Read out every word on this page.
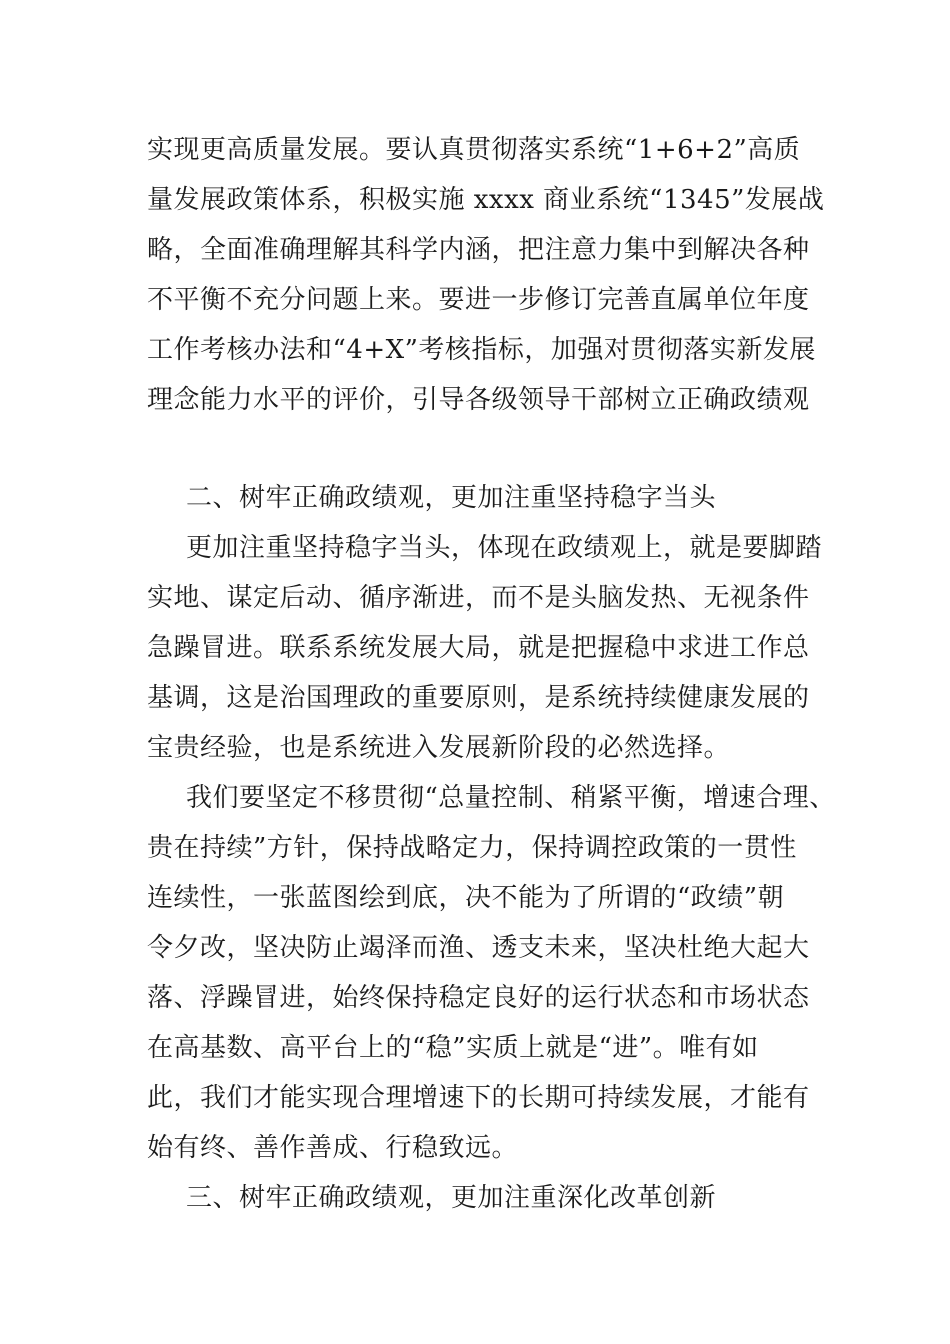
实现更高质量发展。要认真贯彻落实系统“1+6+2”高质
量发展政策体系，积极实施 xxxx 商业系统“1345”发展战
略，全面准确理解其科学内涵，把注意力集中到解决各种
不平衡不充分问题上来。要进一步修订完善直属单位年度
工作考核办法和“4+X”考核指标，加强对贯彻落实新发展
理念能力水平的评价，引导各级领导干部树立正确政绩观
二、树牢正确政绩观，更加注重坚持稳字当头
更加注重坚持稳字当头，体现在政绩观上，就是要脚踏
实地、谋定后动、循序渐进，而不是头脑发热、无视条件
急躁冒进。联系系统发展大局，就是把握稳中求进工作总
基调，这是治国理政的重要原则，是系统持续健康发展的
宝贵经验，也是系统进入发展新阶段的必然选择。
我们要坚定不移贯彻“总量控制、稍紧平衡，增速合理、
贵在持续”方针，保持战略定力，保持调控政策的一贯性
连续性，一张蓝图绘到底，决不能为了所谓的“政绩”朝
令夕改，坚决防止竭泽而渔、透支未来，坚决杜绝大起大
落、浮躁冒进，始终保持稳定良好的运行状态和市场状态
在高基数、高平台上的“稳”实质上就是“进”。唯有如
此，我们才能实现合理增速下的长期可持续发展，才能有
始有终、善作善成、行稳致远。
三、树牢正确政绩观，更加注重深化改革创新
